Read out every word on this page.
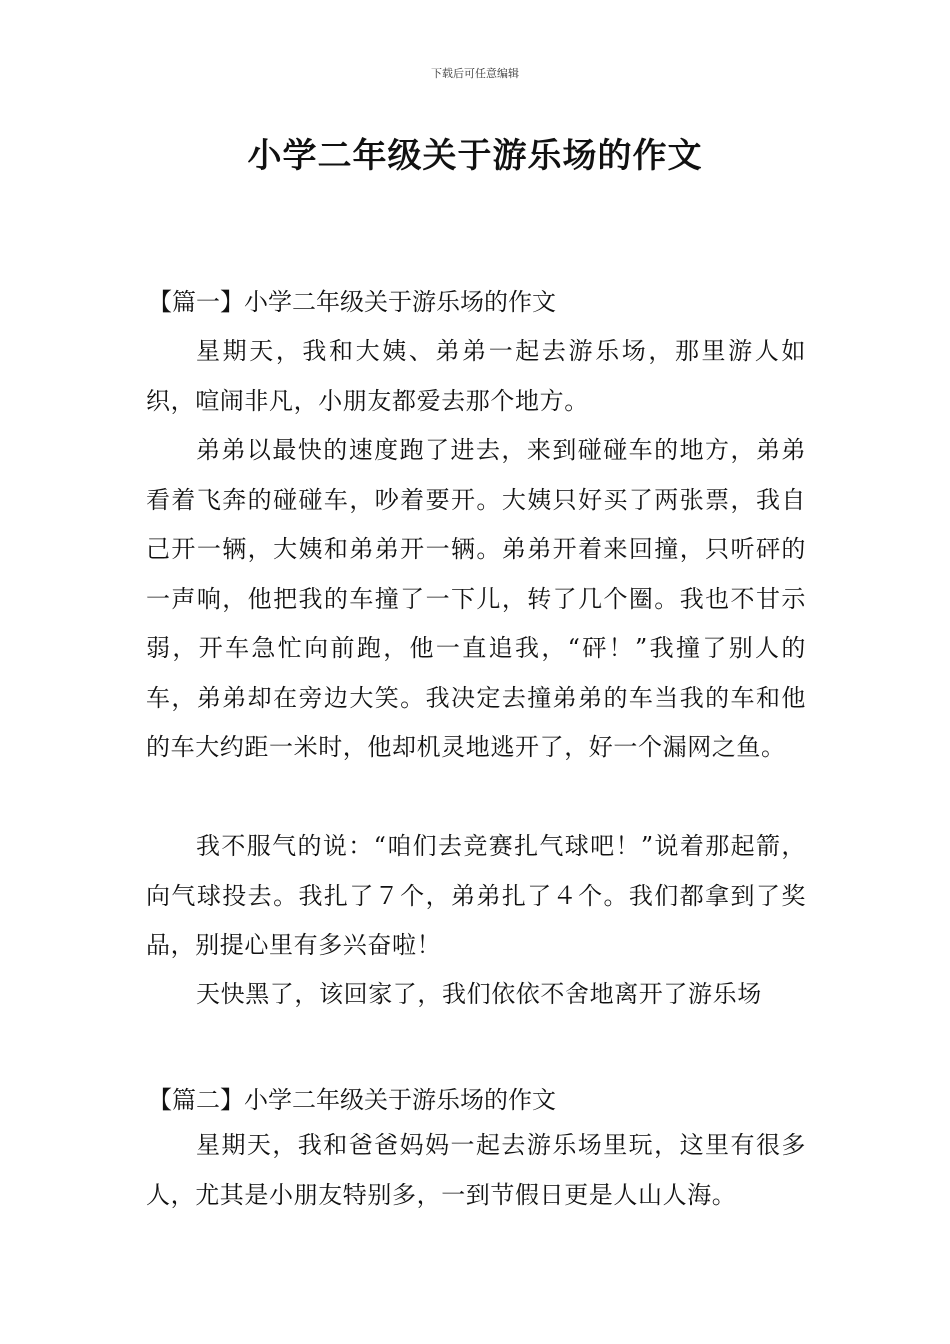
下载后可任意编辑
小学二年级关于游乐场的作文
【篇一】小学二年级关于游乐场的作文

星期天，我和大姨、弟弟一起去游乐场，那里游人如织，喧闹非凡，小朋友都爱去那个地方。

弟弟以最快的速度跑了进去，来到碰碰车的地方，弟弟看着飞奔的碰碰车，吵着要开。大姨只好买了两张票，我自己开一辆，大姨和弟弟开一辆。弟弟开着来回撞，只听砰的一声响，他把我的车撞了一下儿，转了几个圈。我也不甘示弱，开车急忙向前跑，他一直追我，“砰！”我撞了别人的车，弟弟却在旁边大笑。我决定去撞弟弟的车当我的车和他的车大约距一米时，他却机灵地逃开了，好一个漏网之鱼。

我不服气的说：“咱们去竞赛扎气球吧！”说着那起箭，向气球投去。我扎了７个，弟弟扎了４个。我们都拿到了奖品，别提心里有多兴奋啦！

天快黑了，该回家了，我们依依不舍地离开了游乐场

【篇二】小学二年级关于游乐场的作文

星期天，我和爸爸妈妈一起去游乐场里玩，这里有很多人，尤其是小朋友特别多，一到节假日更是人山人海。
